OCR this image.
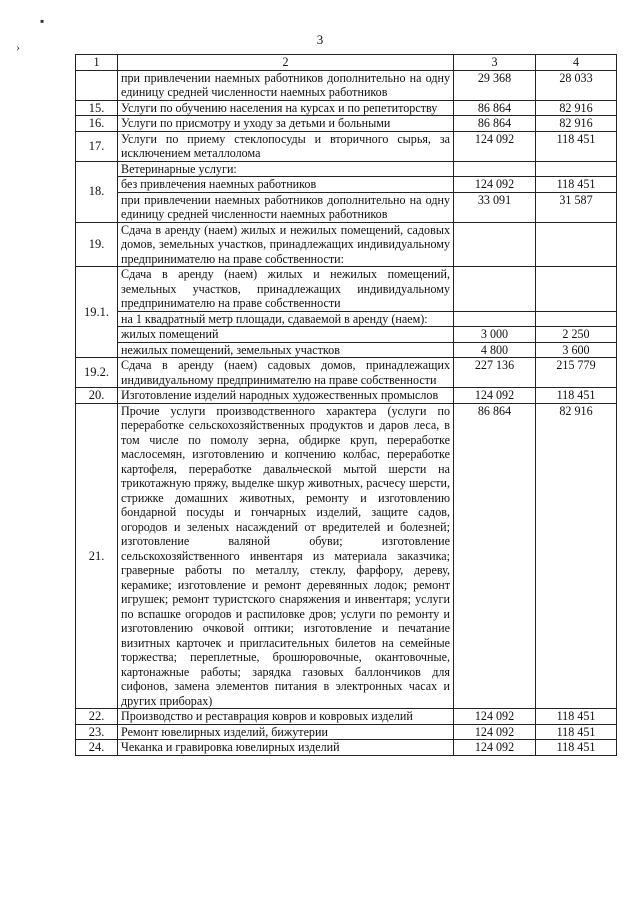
▪
›	3
1	2	3	4
	при привлечении наемных работников дополнительно на одну единицу средней численности наемных работников	29 368	28 033
15.	Услуги по обучению населения на курсах и по репетиторству	86 864	82 916
16.	Услуги по присмотру и уходу за детьми и больными	86 864	82 916
17.	Услуги по приему стеклопосуды и вторичного сырья, за исключением металлолома	124 092	118 451
18.	Ветеринарные услуги:		
	без привлечения наемных работников	124 092	118 451
	при привлечении наемных работников дополнительно на одну единицу средней численности наемных работников	33 091	31 587
19.	Сдача в аренду (наем) жилых и нежилых помещений, садовых домов, земельных участков, принадлежащих индивидуальному предпринимателю на праве собственности:		
19.1.	Сдача в аренду (наем) жилых и нежилых помещений, земельных участков, принадлежащих индивидуальному предпринимателю на праве собственности		
	на 1 квадратный метр площади, сдаваемой в аренду (наем):		
	жилых помещений	3 000	2 250
	нежилых помещений, земельных участков	4 800	3 600
19.2.	Сдача в аренду (наем) садовых домов, принадлежащих индивидуальному предпринимателю на праве собственности	227 136	215 779
20.	Изготовление изделий народных художественных промыслов	124 092	118 451
21.	Прочие услуги производственного характера (услуги по переработке сельскохозяйственных продуктов и даров леса, в том числе по помолу зерна, обдирке круп, переработке маслосемян, изготовлению и копчению колбас, переработке картофеля, переработке давальческой мытой шерсти на трикотажную пряжу, выделке шкур животных, расчесу шерсти, стрижке домашних животных, ремонту и изготовлению бондарной посуды и гончарных изделий, защите садов, огородов и зеленых насаждений от вредителей и болезней; изготовление валяной обуви; изготовление сельскохозяйственного инвентаря из материала заказчика; граверные работы по металлу, стеклу, фарфору, дереву, керамике; изготовление и ремонт деревянных лодок; ремонт игрушек; ремонт туристского снаряжения и инвентаря; услуги по вспашке огородов и распиловке дров; услуги по ремонту и изготовлению очковой оптики; изготовление и печатание визитных карточек и пригласительных билетов на семейные торжества; переплетные, брошюровочные, окантовочные, картонажные работы; зарядка газовых баллончиков для сифонов, замена элементов питания в электронных часах и других приборах)	86 864	82 916
22.	Производство и реставрация ковров и ковровых изделий	124 092	118 451
23.	Ремонт ювелирных изделий, бижутерии	124 092	118 451
24.	Чеканка и гравировка ювелирных изделий	124 092	118 451
